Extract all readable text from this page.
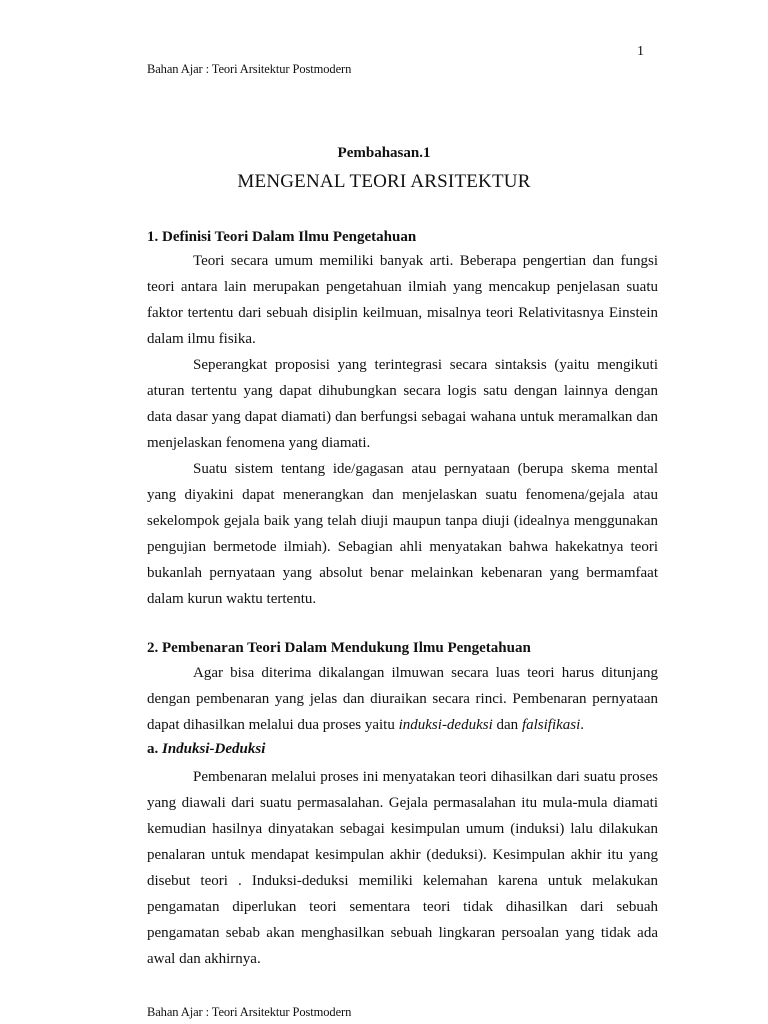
1
Bahan Ajar : Teori Arsitektur Postmodern
Pembahasan.1
MENGENAL TEORI ARSITEKTUR
1. Definisi Teori Dalam Ilmu Pengetahuan

Teori secara umum memiliki banyak arti. Beberapa pengertian dan fungsi teori antara lain merupakan pengetahuan ilmiah yang mencakup penjelasan suatu faktor tertentu dari sebuah disiplin keilmuan, misalnya teori Relativitasnya Einstein dalam ilmu fisika.

Seperangkat proposisi yang terintegrasi secara sintaksis (yaitu mengikuti aturan tertentu yang dapat dihubungkan secara logis satu dengan lainnya dengan data dasar yang dapat diamati) dan berfungsi sebagai wahana untuk meramalkan dan menjelaskan fenomena yang diamati.

Suatu sistem tentang ide/gagasan atau pernyataan (berupa skema mental yang diyakini dapat menerangkan dan menjelaskan suatu fenomena/gejala atau sekelompok gejala baik yang telah diuji maupun tanpa diuji (idealnya menggunakan pengujian bermetode ilmiah). Sebagian ahli menyatakan bahwa hakekatnya teori bukanlah pernyataan yang absolut benar melainkan kebenaran yang bermamfaat dalam kurun waktu tertentu.

2. Pembenaran Teori Dalam Mendukung Ilmu Pengetahuan

Agar bisa diterima dikalangan ilmuwan secara luas teori harus ditunjang dengan pembenaran yang jelas dan diuraikan secara rinci. Pembenaran pernyataan dapat dihasilkan melalui dua proses yaitu induksi-deduksi dan falsifikasi.

a. Induksi-Deduksi

Pembenaran melalui proses ini menyatakan teori dihasilkan dari suatu proses yang diawali dari suatu permasalahan. Gejala permasalahan itu mula-mula diamati kemudian hasilnya dinyatakan sebagai kesimpulan umum (induksi) lalu dilakukan penalaran untuk mendapat kesimpulan akhir (deduksi). Kesimpulan akhir itu yang disebut teori . Induksi-deduksi memiliki kelemahan karena untuk melakukan pengamatan diperlukan teori sementara teori tidak dihasilkan dari sebuah pengamatan sebab akan menghasilkan sebuah lingkaran persoalan yang tidak ada awal dan akhirnya.

Bahan Ajar : Teori Arsitektur Postmodern
